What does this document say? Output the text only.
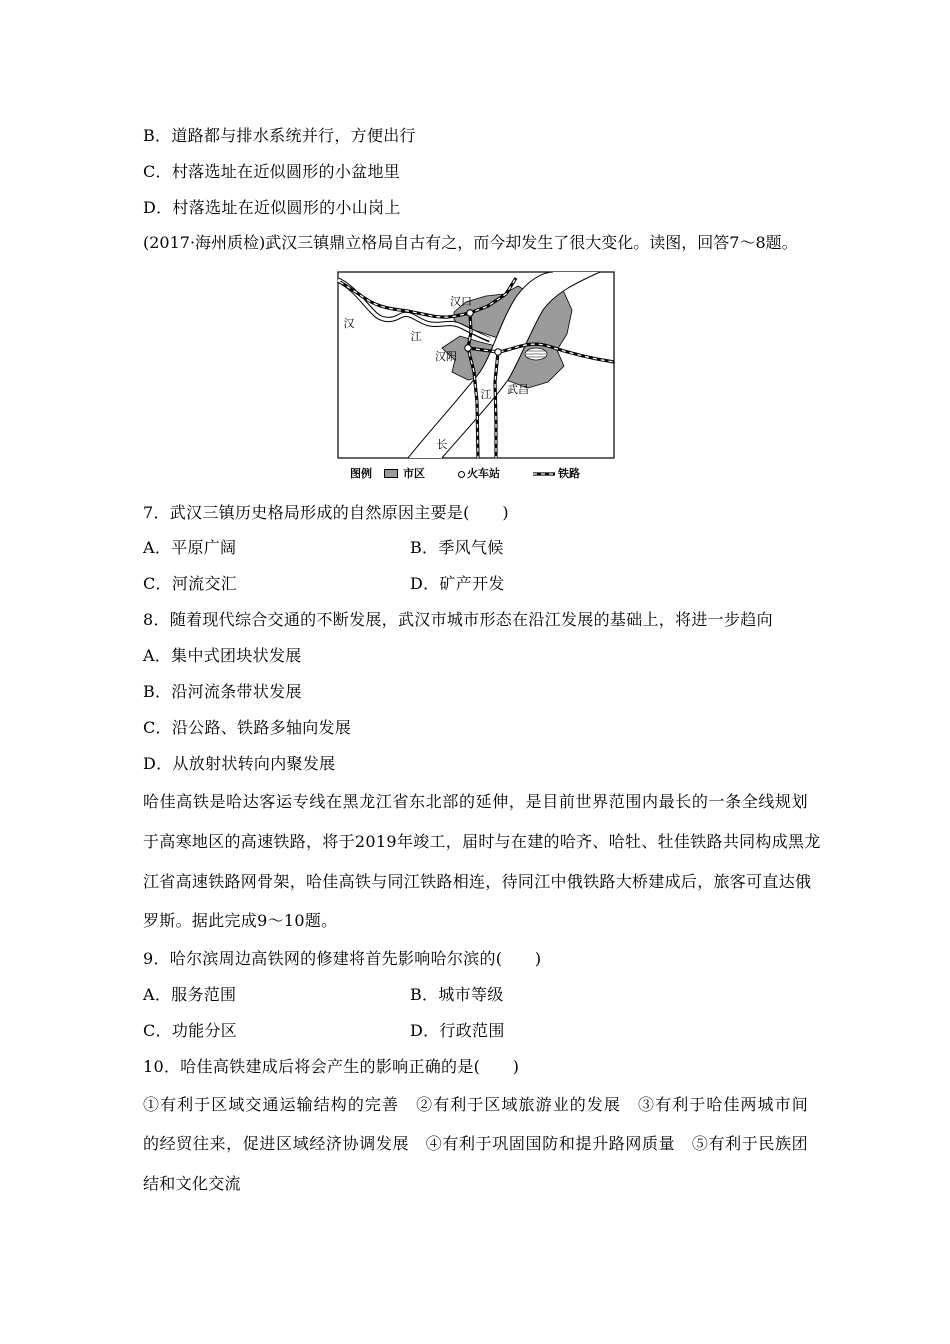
B．道路都与排水系统并行，方便出行
C．村落选址在近似圆形的小盆地里
D．村落选址在近似圆形的小山岗上
(2017·海州质检)武汉三镇鼎立格局自古有之，而今却发生了很大变化。读图，回答7～8题。
汉
江
汉口
汉阳
江 武昌
长
图例	市区	火车站	铁路
7．武汉三镇历史格局形成的自然原因主要是(　　)
A．平原广阔	B．季风气候
C．河流交汇	D．矿产开发
8．随着现代综合交通的不断发展，武汉市城市形态在沿江发展的基础上，将进一步趋向
A．集中式团块状发展
B．沿河流条带状发展
C．沿公路、铁路多轴向发展
D．从放射状转向内聚发展
哈佳高铁是哈达客运专线在黑龙江省东北部的延伸，是目前世界范围内最长的一条全线规划
于高寒地区的高速铁路，将于2019年竣工，届时与在建的哈齐、哈牡、牡佳铁路共同构成黑龙
江省高速铁路网骨架，哈佳高铁与同江铁路相连，待同江中俄铁路大桥建成后，旅客可直达俄
罗斯。据此完成9～10题。
9．哈尔滨周边高铁网的修建将首先影响哈尔滨的(　　)
A．服务范围	B．城市等级
C．功能分区	D．行政范围
10．哈佳高铁建成后将会产生的影响正确的是(　　)
①有利于区域交通运输结构的完善　②有利于区域旅游业的发展　③有利于哈佳两城市间
的经贸往来，促进区域经济协调发展　④有利于巩固国防和提升路网质量　⑤有利于民族团
结和文化交流
